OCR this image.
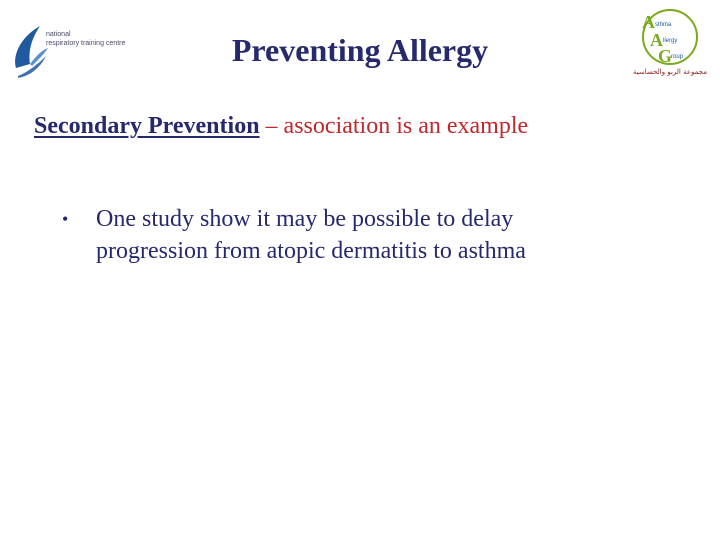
national
respiratory training centre
A
A
G
sthma
llergy
roup
مجموعة الربو والحساسية
Preventing Allergy
Secondary Prevention – association is an example
• One study show it may be possible to delay progression from atopic dermatitis to asthma
